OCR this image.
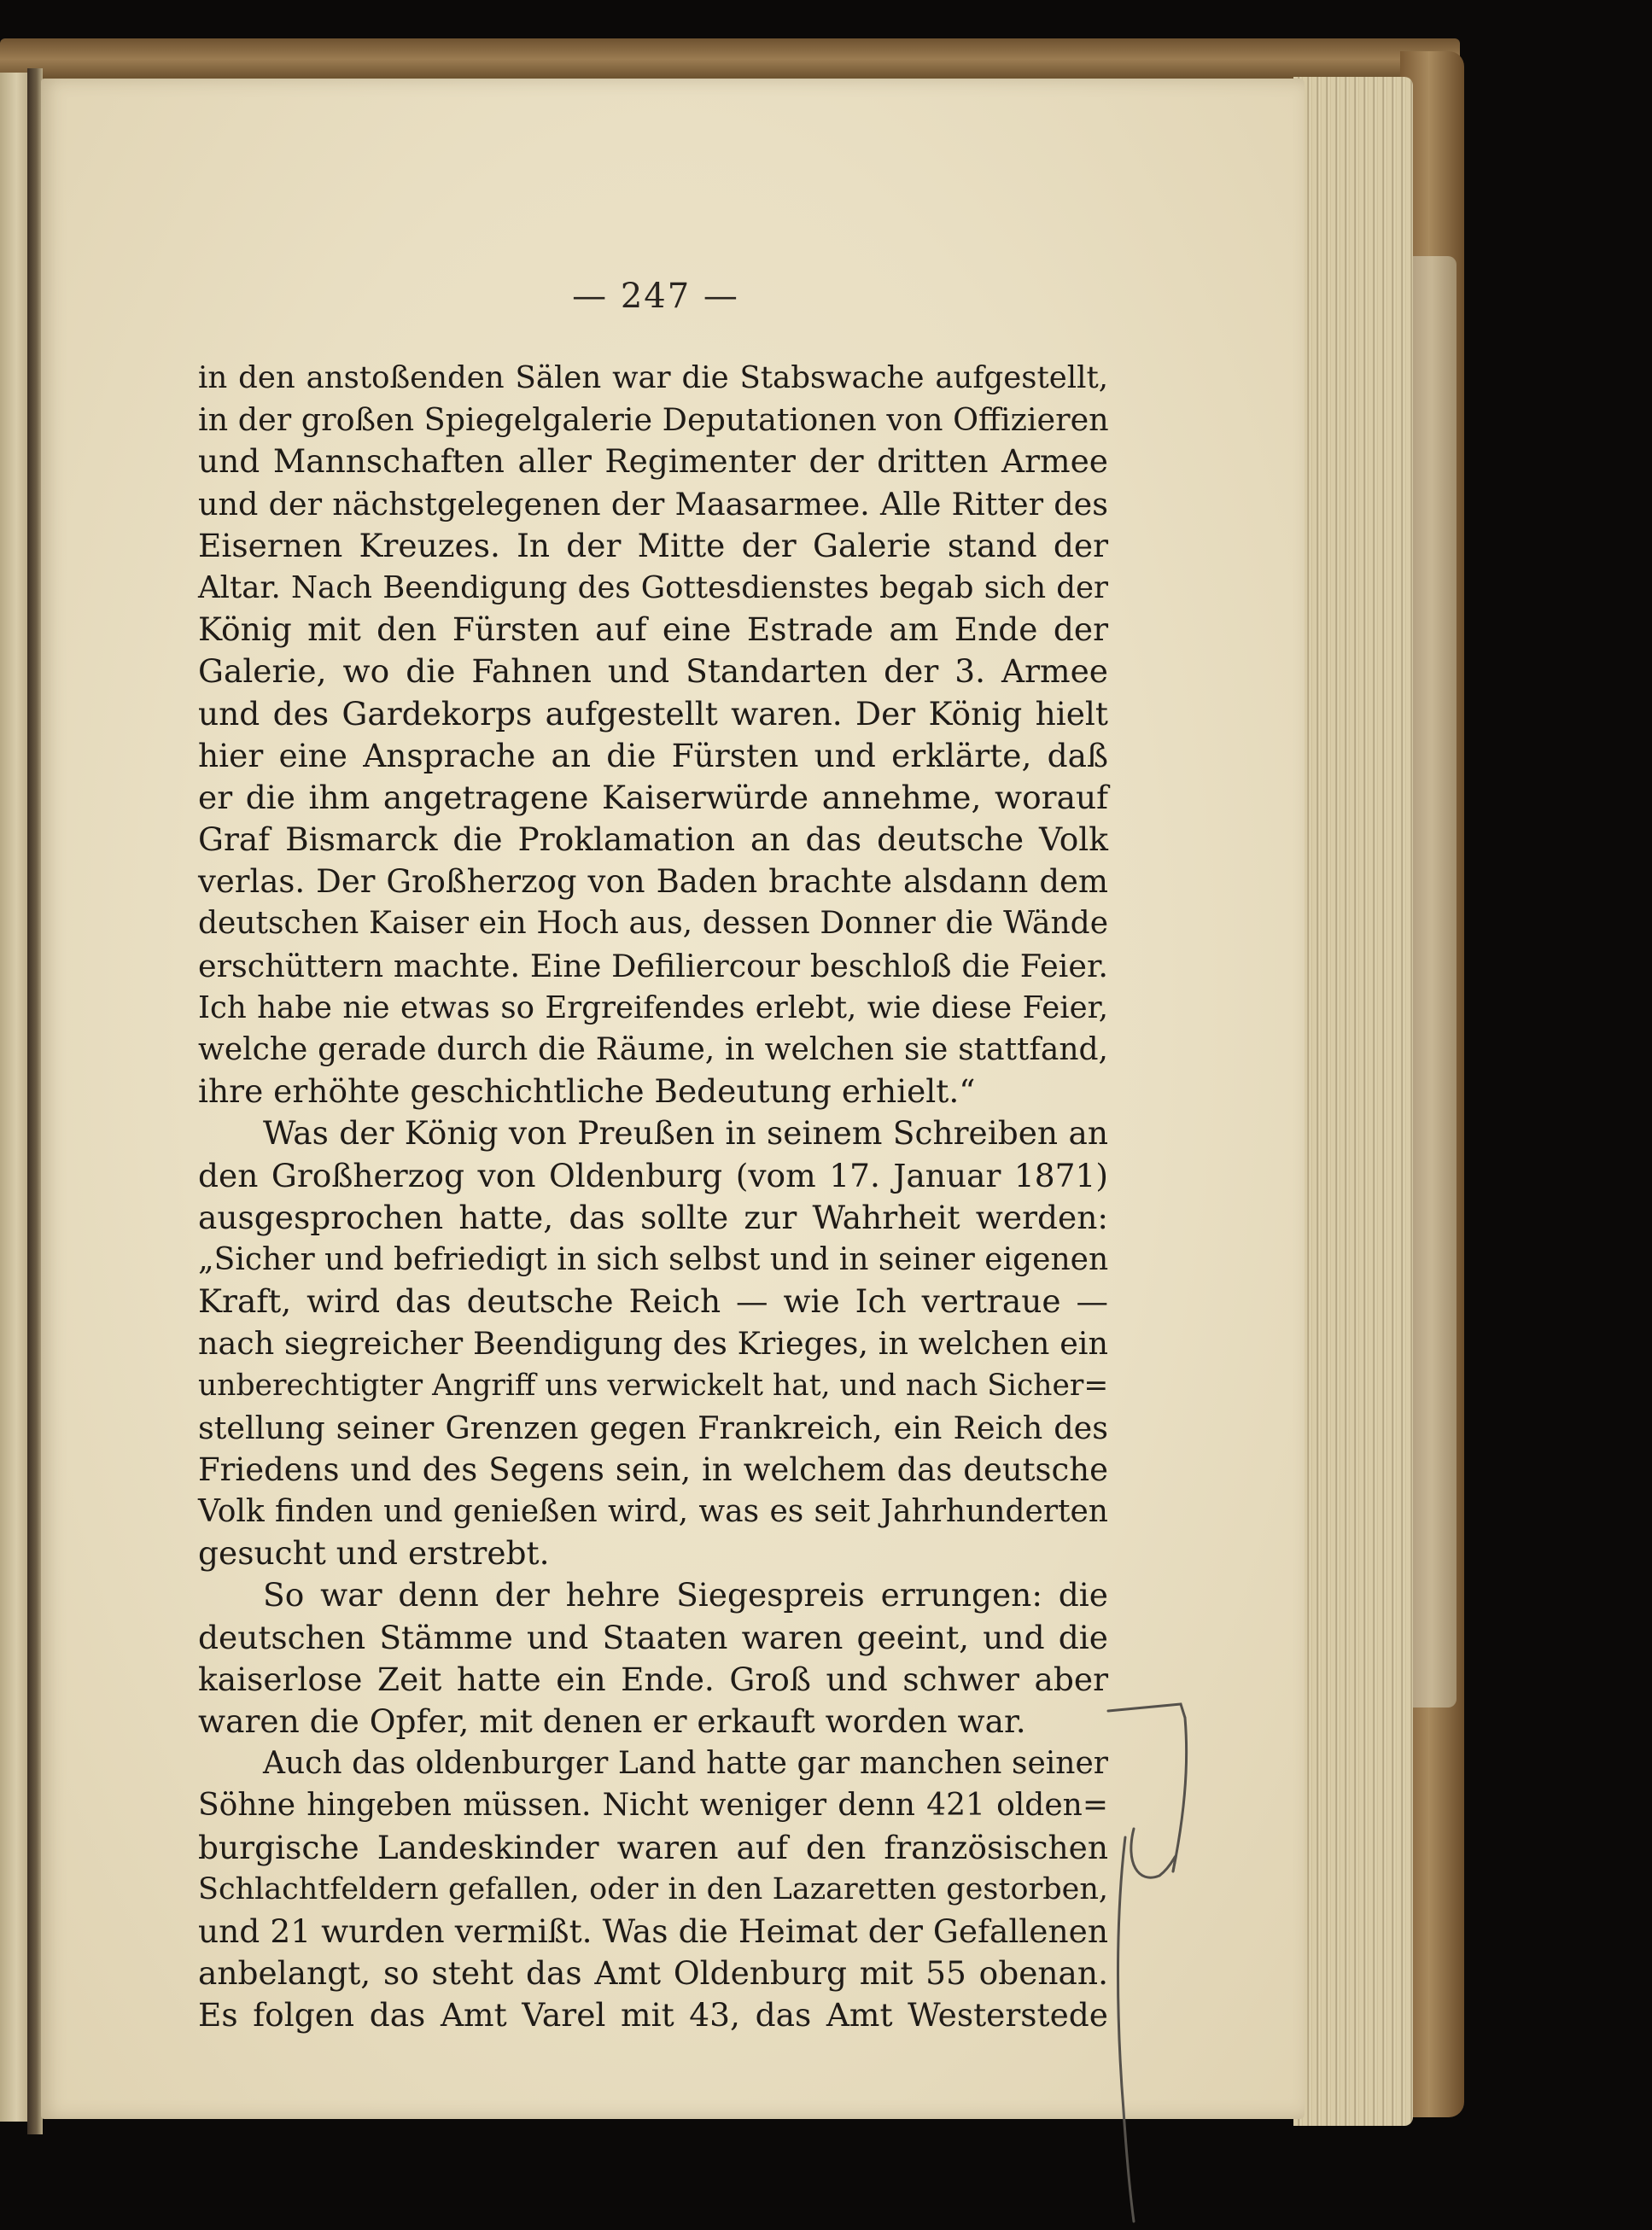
— 247 —
in den anstoßenden Sälen war die Stabswache aufgestellt,
in der großen Spiegelgalerie Deputationen von Offizieren
und Mannschaften aller Regimenter der dritten Armee
und der nächstgelegenen der Maasarmee. Alle Ritter des
Eisernen Kreuzes. In der Mitte der Galerie stand der
Altar. Nach Beendigung des Gottesdienstes begab sich der
König mit den Fürsten auf eine Estrade am Ende der
Galerie, wo die Fahnen und Standarten der 3. Armee
und des Gardekorps aufgestellt waren. Der König hielt
hier eine Ansprache an die Fürsten und erklärte, daß
er die ihm angetragene Kaiserwürde annehme, worauf
Graf Bismarck die Proklamation an das deutsche Volk
verlas. Der Großherzog von Baden brachte alsdann dem
deutschen Kaiser ein Hoch aus, dessen Donner die Wände
erschüttern machte. Eine Defiliercour beschloß die Feier.
Ich habe nie etwas so Ergreifendes erlebt, wie diese Feier,
welche gerade durch die Räume, in welchen sie stattfand,
ihre erhöhte geschichtliche Bedeutung erhielt.“
Was der König von Preußen in seinem Schreiben an
den Großherzog von Oldenburg (vom 17. Januar 1871)
ausgesprochen hatte, das sollte zur Wahrheit werden:
„Sicher und befriedigt in sich selbst und in seiner eigenen
Kraft, wird das deutsche Reich — wie Ich vertraue —
nach siegreicher Beendigung des Krieges, in welchen ein
unberechtigter Angriff uns verwickelt hat, und nach Sicher=
stellung seiner Grenzen gegen Frankreich, ein Reich des
Friedens und des Segens sein, in welchem das deutsche
Volk finden und genießen wird, was es seit Jahrhunderten
gesucht und erstrebt.
So war denn der hehre Siegespreis errungen: die
deutschen Stämme und Staaten waren geeint, und die
kaiserlose Zeit hatte ein Ende. Groß und schwer aber
waren die Opfer, mit denen er erkauft worden war.
Auch das oldenburger Land hatte gar manchen seiner
Söhne hingeben müssen. Nicht weniger denn 421 olden=
burgische Landeskinder waren auf den französischen
Schlachtfeldern gefallen, oder in den Lazaretten gestorben,
und 21 wurden vermißt. Was die Heimat der Gefallenen
anbelangt, so steht das Amt Oldenburg mit 55 obenan.
Es folgen das Amt Varel mit 43, das Amt Westerstede
